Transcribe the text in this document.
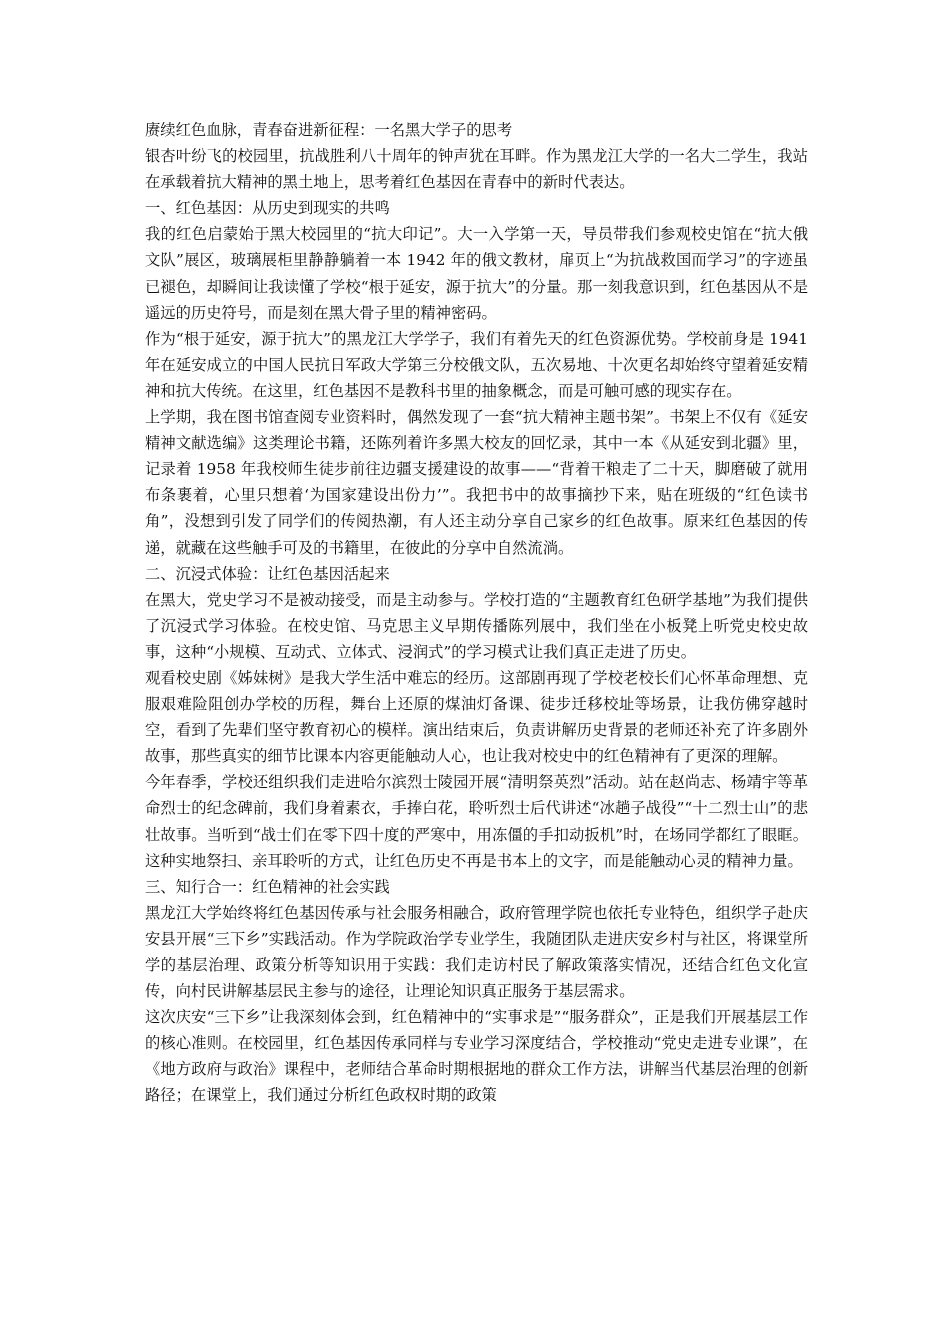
赓续红色血脉，青春奋进新征程：一名黑大学子的思考

银杏叶纷飞的校园里，抗战胜利八十周年的钟声犹在耳畔。作为黑龙江大学的一名大二学生，我站在承载着抗大精神的黑土地上，思考着红色基因在青春中的新时代表达。

一、红色基因：从历史到现实的共鸣

我的红色启蒙始于黑大校园里的“抗大印记”。大一入学第一天，导员带我们参观校史馆在“抗大俄文队”展区，玻璃展柜里静静躺着一本 1942 年的俄文教材，扉页上“为抗战救国而学习”的字迹虽已褪色，却瞬间让我读懂了学校“根于延安，源于抗大”的分量。那一刻我意识到，红色基因从不是遥远的历史符号，而是刻在黑大骨子里的精神密码。

作为“根于延安，源于抗大”的黑龙江大学学子，我们有着先天的红色资源优势。学校前身是 1941 年在延安成立的中国人民抗日军政大学第三分校俄文队，五次易地、十次更名却始终守望着延安精神和抗大传统。在这里，红色基因不是教科书里的抽象概念，而是可触可感的现实存在。

上学期，我在图书馆查阅专业资料时，偶然发现了一套“抗大精神主题书架”。书架上不仅有《延安精神文献选编》这类理论书籍，还陈列着许多黑大校友的回忆录，其中一本《从延安到北疆》里，记录着 1958 年我校师生徒步前往边疆支援建设的故事——“背着干粮走了二十天，脚磨破了就用布条裹着，心里只想着‘为国家建设出份力’”。我把书中的故事摘抄下来，贴在班级的“红色读书角”，没想到引发了同学们的传阅热潮，有人还主动分享自己家乡的红色故事。原来红色基因的传递，就藏在这些触手可及的书籍里，在彼此的分享中自然流淌。

二、沉浸式体验：让红色基因活起来

在黑大，党史学习不是被动接受，而是主动参与。学校打造的“主题教育红色研学基地”为我们提供了沉浸式学习体验。在校史馆、马克思主义早期传播陈列展中，我们坐在小板凳上听党史校史故事，这种“小规模、互动式、立体式、浸润式”的学习模式让我们真正走进了历史。

观看校史剧《姊妹树》是我大学生活中难忘的经历。这部剧再现了学校老校长们心怀革命理想、克服艰难险阻创办学校的历程，舞台上还原的煤油灯备课、徒步迁移校址等场景，让我仿佛穿越时空，看到了先辈们坚守教育初心的模样。演出结束后，负责讲解历史背景的老师还补充了许多剧外故事，那些真实的细节比课本内容更能触动人心，也让我对校史中的红色精神有了更深的理解。

今年春季，学校还组织我们走进哈尔滨烈士陵园开展“清明祭英烈”活动。站在赵尚志、杨靖宇等革命烈士的纪念碑前，我们身着素衣，手捧白花，聆听烈士后代讲述“冰趟子战役”“十二烈士山”的悲壮故事。当听到“战士们在零下四十度的严寒中，用冻僵的手扣动扳机”时，在场同学都红了眼眶。这种实地祭扫、亲耳聆听的方式，让红色历史不再是书本上的文字，而是能触动心灵的精神力量。

三、知行合一：红色精神的社会实践

黑龙江大学始终将红色基因传承与社会服务相融合，政府管理学院也依托专业特色，组织学子赴庆安县开展“三下乡”实践活动。作为学院政治学专业学生，我随团队走进庆安乡村与社区，将课堂所学的基层治理、政策分析等知识用于实践：我们走访村民了解政策落实情况，还结合红色文化宣传，向村民讲解基层民主参与的途径，让理论知识真正服务于基层需求。

这次庆安“三下乡”让我深刻体会到，红色精神中的“实事求是”“服务群众”，正是我们开展基层工作的核心准则。在校园里，红色基因传承同样与专业学习深度结合，学校推动“党史走进专业课”，在《地方政府与政治》课程中，老师结合革命时期根据地的群众工作方法，讲解当代基层治理的创新路径；在课堂上，我们通过分析红色政权时期的政策
